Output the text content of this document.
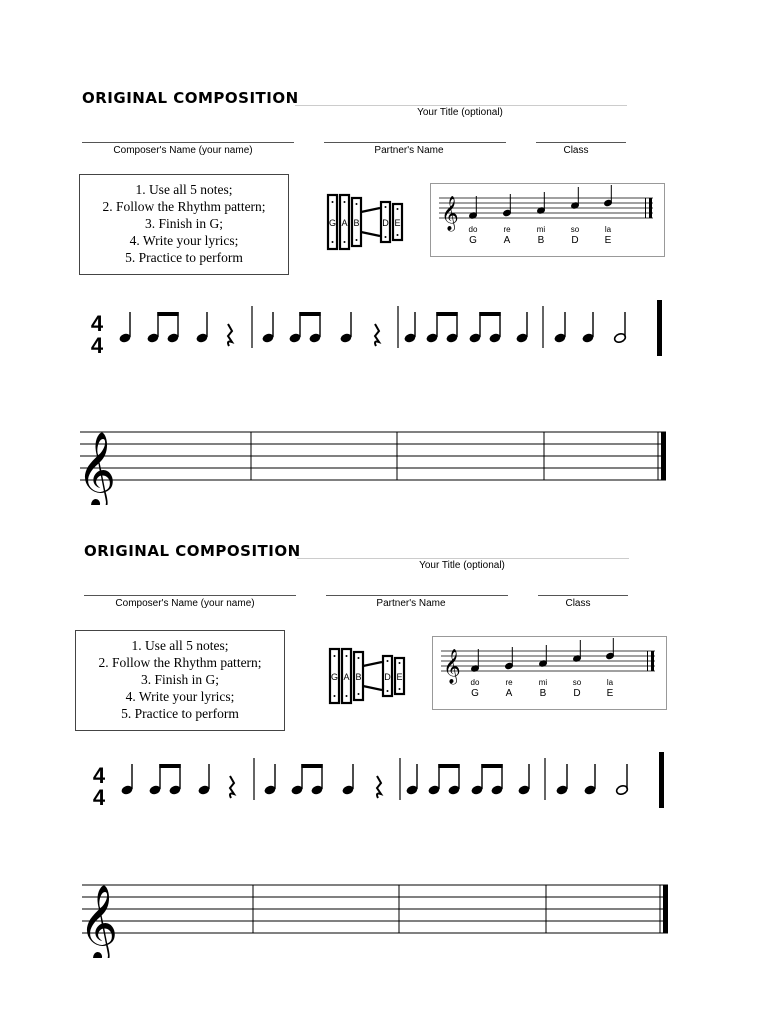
ORIGINAL COMPOSITION
Your Title (optional)
Composer's Name (your name)	Partner's Name	Class
1. Use all 5 notes;
2. Follow the Rhythm pattern;
3. Finish in G;
4. Write your lyrics;
5. Practice to perform
G A B	D E 𝄞 do	re	mi	so	la
G	A	B	D	E
4
4
𝄞
ORIGINAL COMPOSITION
Your Title (optional)
Composer's Name (your name)	Partner's Name	Class
1. Use all 5 notes;
2. Follow the Rhythm pattern;
3. Finish in G;
4. Write your lyrics;
5. Practice to perform
G A B	D E 𝄞 do	re	mi	so	la
G	A	B	D	E
4
4
𝄞
